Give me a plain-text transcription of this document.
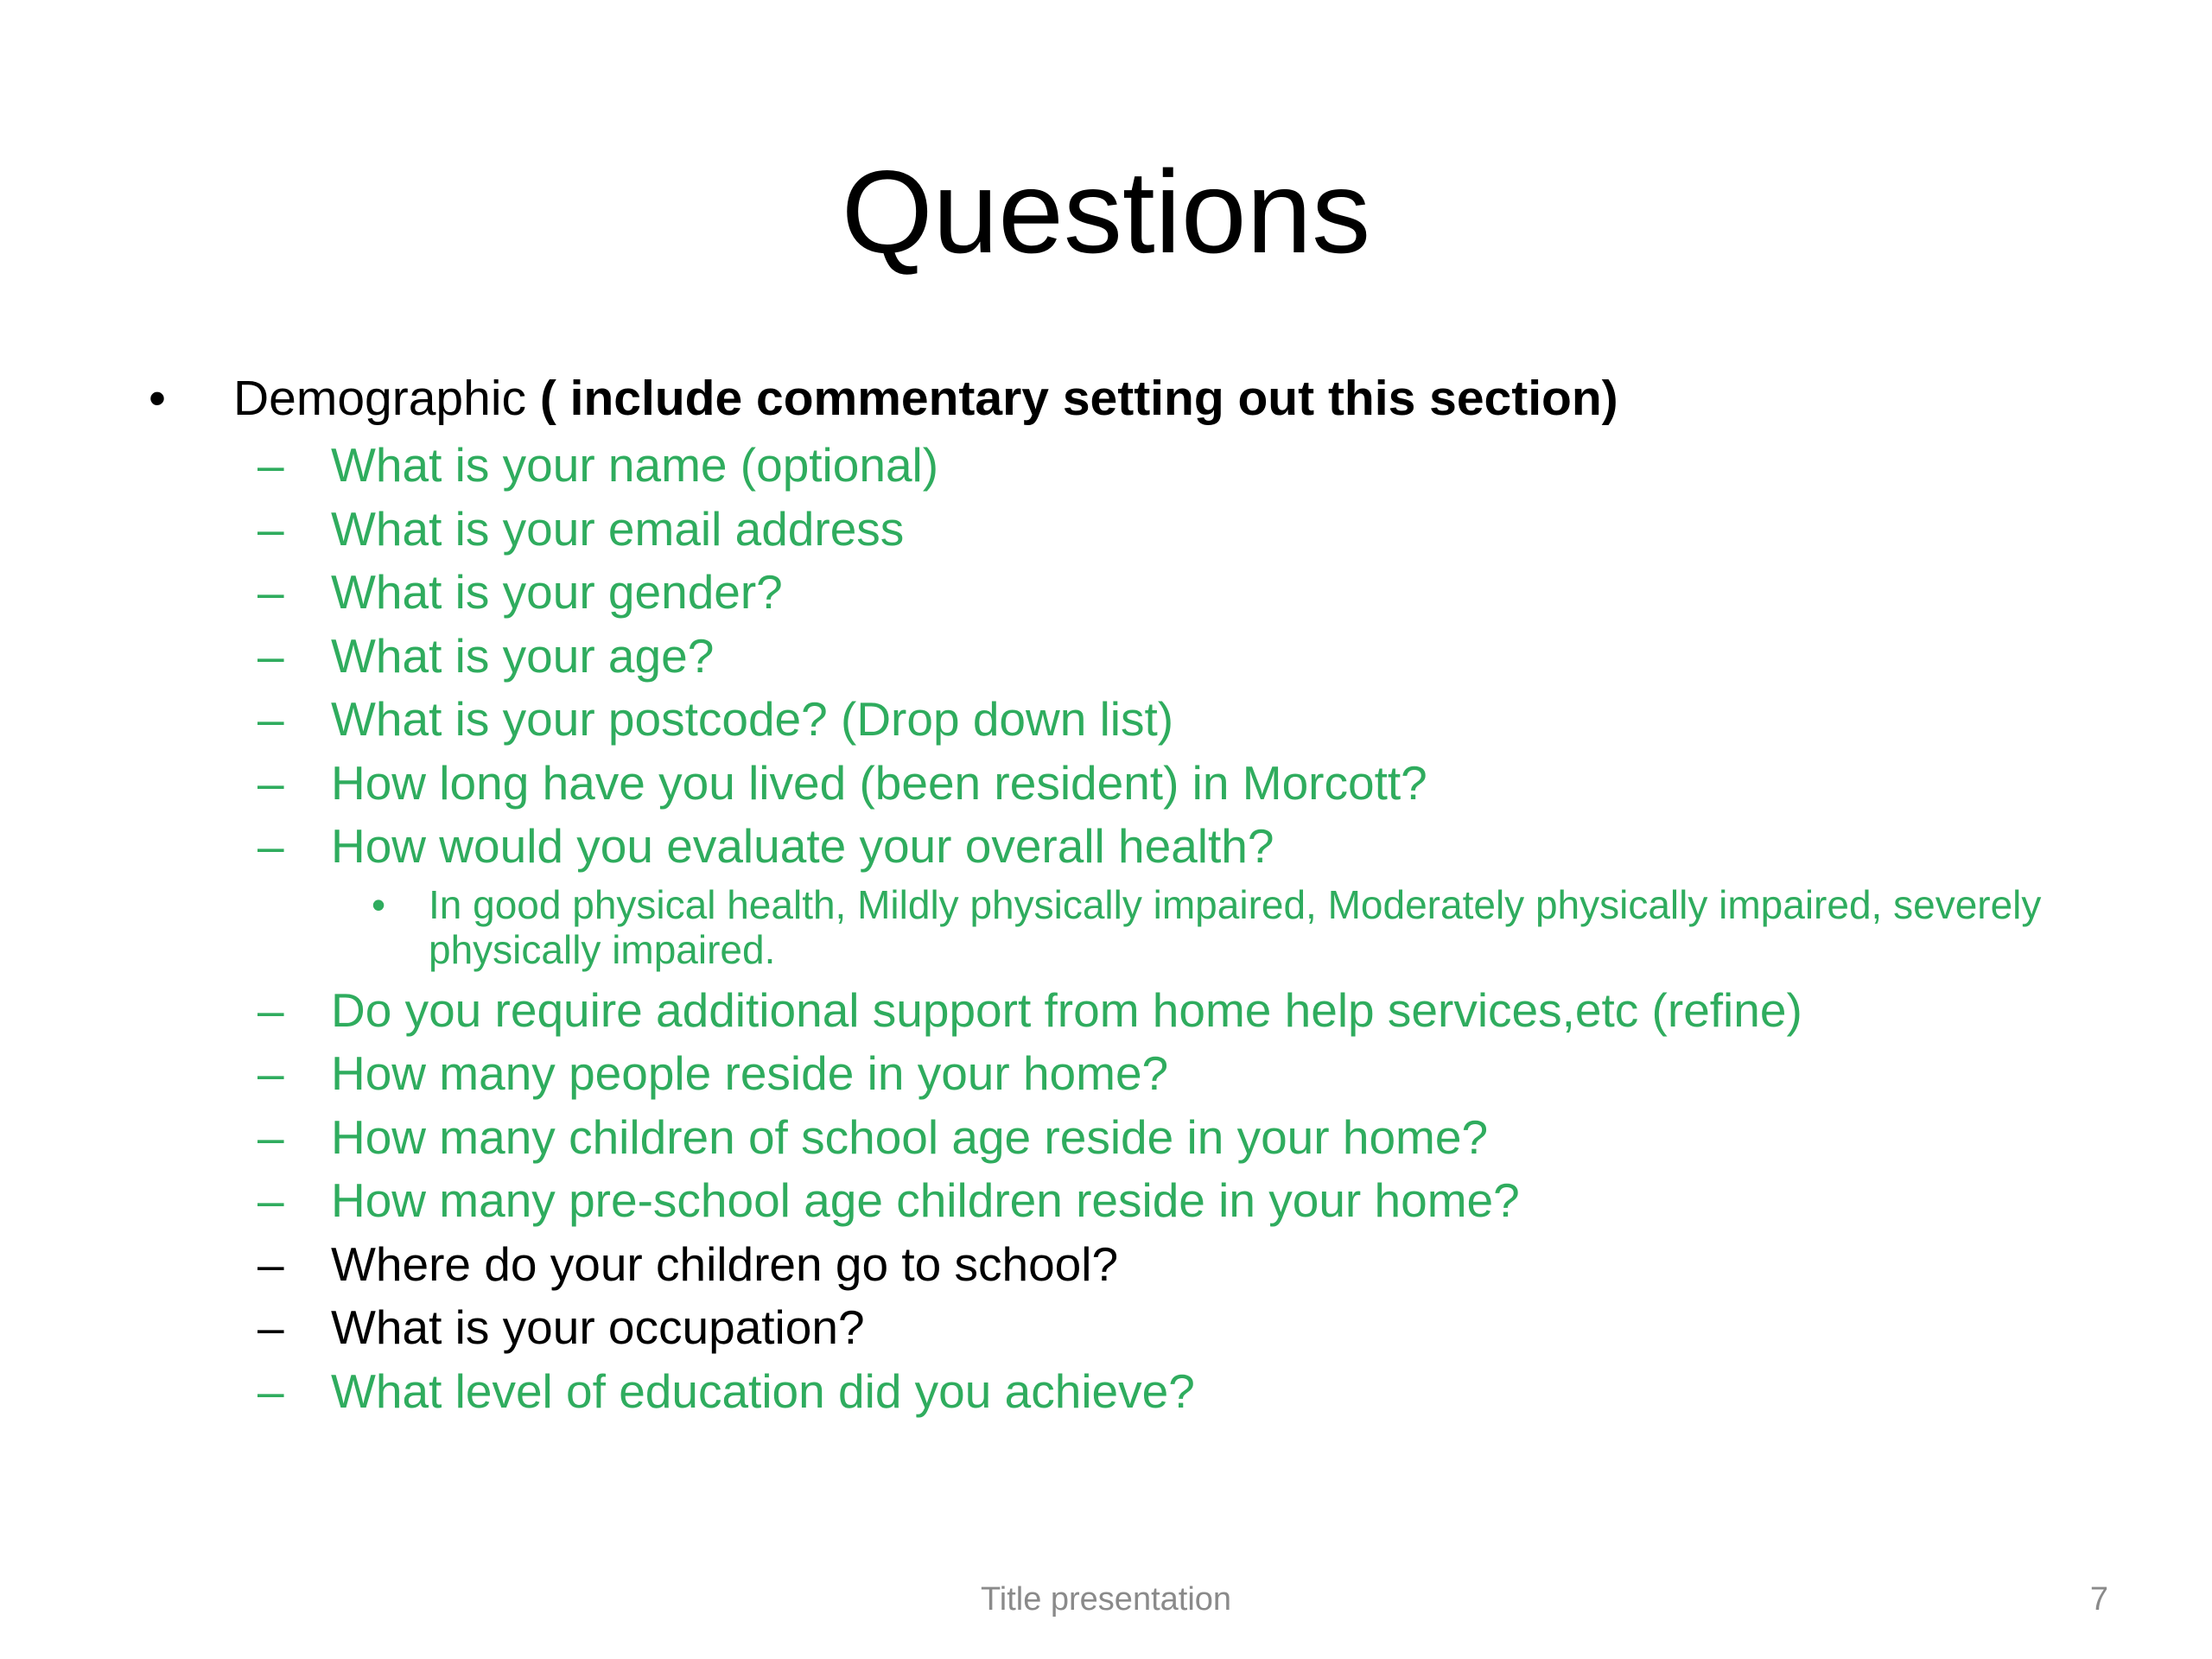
Questions
• Demographic ( include commentary setting out this section)
– What is your name (optional)
– What is your email address
– What is your gender?
– What is your age?
– What is your postcode? (Drop down list)
– How long have you lived (been resident) in Morcott?
– How would you evaluate your overall health?
• In good physical health, Mildly physically impaired, Moderately physically impaired, severely physically impaired.
– Do you require additional support from home help services,etc (refine)
– How many people reside in your home?
– How many children of school age reside in your home?
– How many pre-school age children reside in your home?
– Where do your children go to school?
– What is your occupation?
– What level of education did you achieve?
Title presentation	7
